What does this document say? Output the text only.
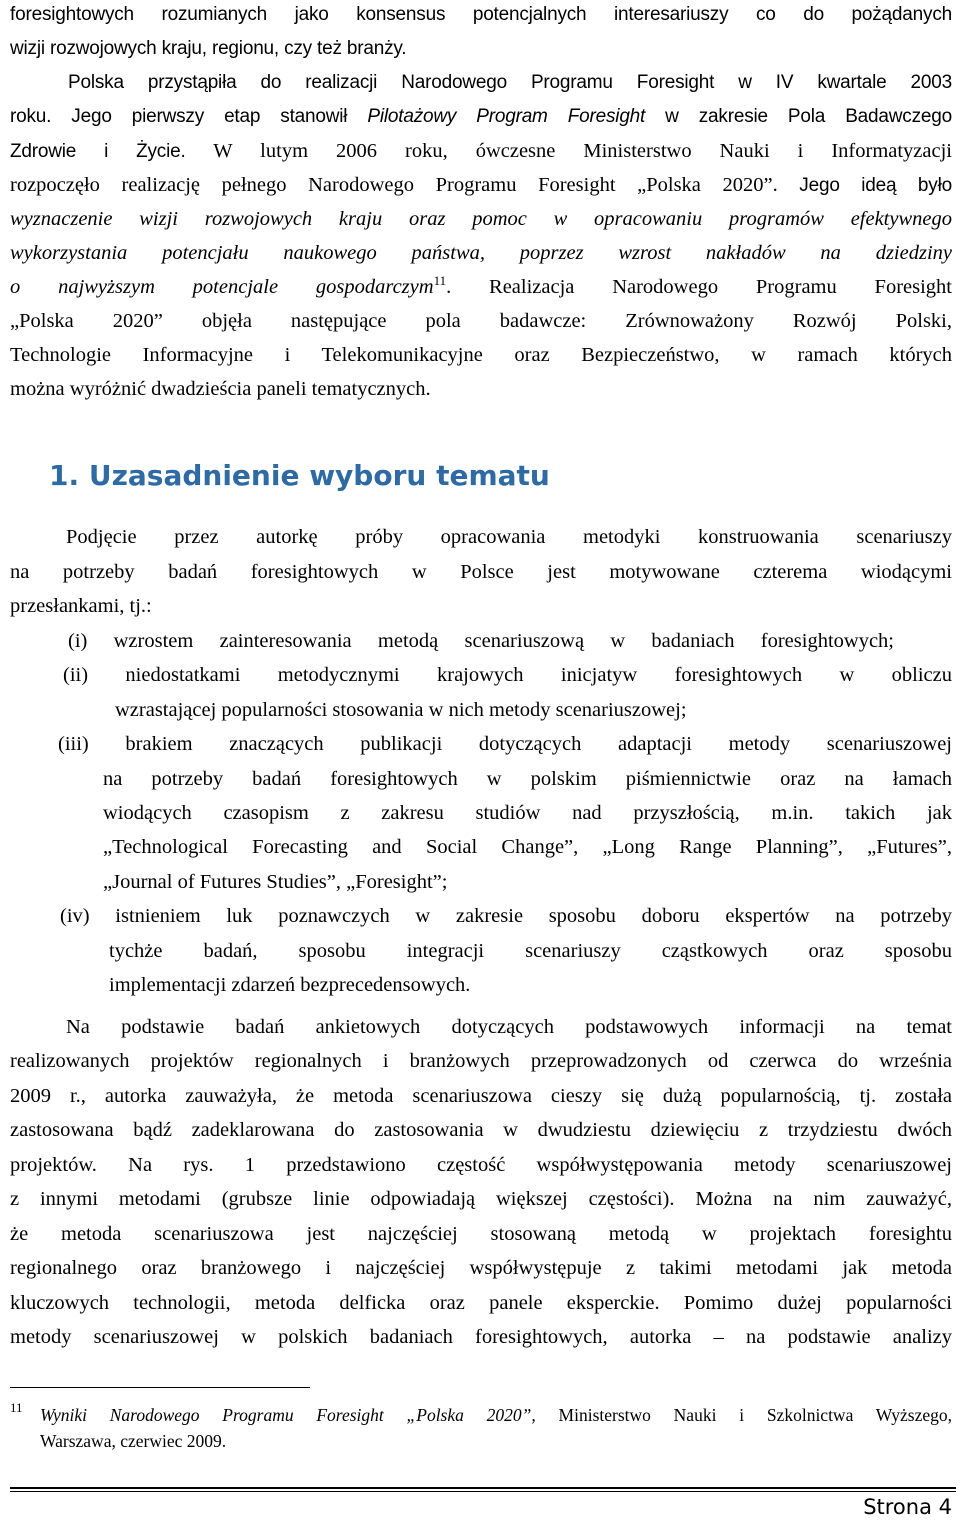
foresightowych rozumianych jako konsensus potencjalnych interesariuszy co do pożądanych
wizji rozwojowych kraju, regionu, czy też branży.
Polska przystąpiła do realizacji Narodowego Programu Foresight w IV kwartale 2003
roku. Jego pierwszy etap stanowił Pilotażowy Program Foresight w zakresie Pola Badawczego
Zdrowie i Życie. W lutym 2006 roku, ówczesne Ministerstwo Nauki i Informatyzacji
rozpoczęło realizację pełnego Narodowego Programu Foresight „Polska 2020”. Jego ideą było
wyznaczenie wizji rozwojowych kraju oraz pomoc w opracowaniu programów efektywnego
wykorzystania potencjału naukowego państwa, poprzez wzrost nakładów na dziedziny
o najwyższym potencjale gospodarczym$^{11}$. Realizacja Narodowego Programu Foresight
„Polska 2020” objęła następujące pola badawcze: Zrównoważony Rozwój Polski,
Technologie Informacyjne i Telekomunikacyjne oraz Bezpieczeństwo, w ramach których
można wyróżnić dwadzieścia paneli tematycznych.
1. Uzasadnienie wyboru tematu
Podjęcie przez autorkę próby opracowania metodyki konstruowania scenariuszy
na potrzeby badań foresightowych w Polsce jest motywowane czterema wiodącymi
przesłankami, tj.:
(i) wzrostem zainteresowania metodą scenariuszową w badaniach foresightowych;
(ii) niedostatkami metodycznymi krajowych inicjatyw foresightowych w obliczu
wzrastającej popularności stosowania w nich metody scenariuszowej;
(iii) brakiem znaczących publikacji dotyczących adaptacji metody scenariuszowej
na potrzeby badań foresightowych w polskim piśmiennictwie oraz na łamach
wiodących czasopism z zakresu studiów nad przyszłością, m.in. takich jak
„Technological Forecasting and Social Change”, „Long Range Planning”, „Futures”,
„Journal of Futures Studies”, „Foresight”;
(iv) istnieniem luk poznawczych w zakresie sposobu doboru ekspertów na potrzeby
tychże badań, sposobu integracji scenariuszy cząstkowych oraz sposobu
implementacji zdarzeń bezprecedensowych.
Na podstawie badań ankietowych dotyczących podstawowych informacji na temat
realizowanych projektów regionalnych i branżowych przeprowadzonych od czerwca do września
2009 r., autorka zauważyła, że metoda scenariuszowa cieszy się dużą popularnością, tj. została
zastosowana bądź zadeklarowana do zastosowania w dwudziestu dziewięciu z trzydziestu dwóch
projektów. Na rys. 1 przedstawiono częstość współwystępowania metody scenariuszowej
z innymi metodami (grubsze linie odpowiadają większej częstości). Można na nim zauważyć,
że metoda scenariuszowa jest najczęściej stosowaną metodą w projektach foresightu
regionalnego oraz branżowego i najczęściej współwystępuje z takimi metodami jak metoda
kluczowych technologii, metoda delficka oraz panele eksperckie. Pomimo dużej popularności
metody scenariuszowej w polskich badaniach foresightowych, autorka – na podstawie analizy
11 Wyniki Narodowego Programu Foresight „Polska 2020”, Ministerstwo Nauki i Szkolnictwa Wyższego,
Warszawa, czerwiec 2009.
Strona 4
